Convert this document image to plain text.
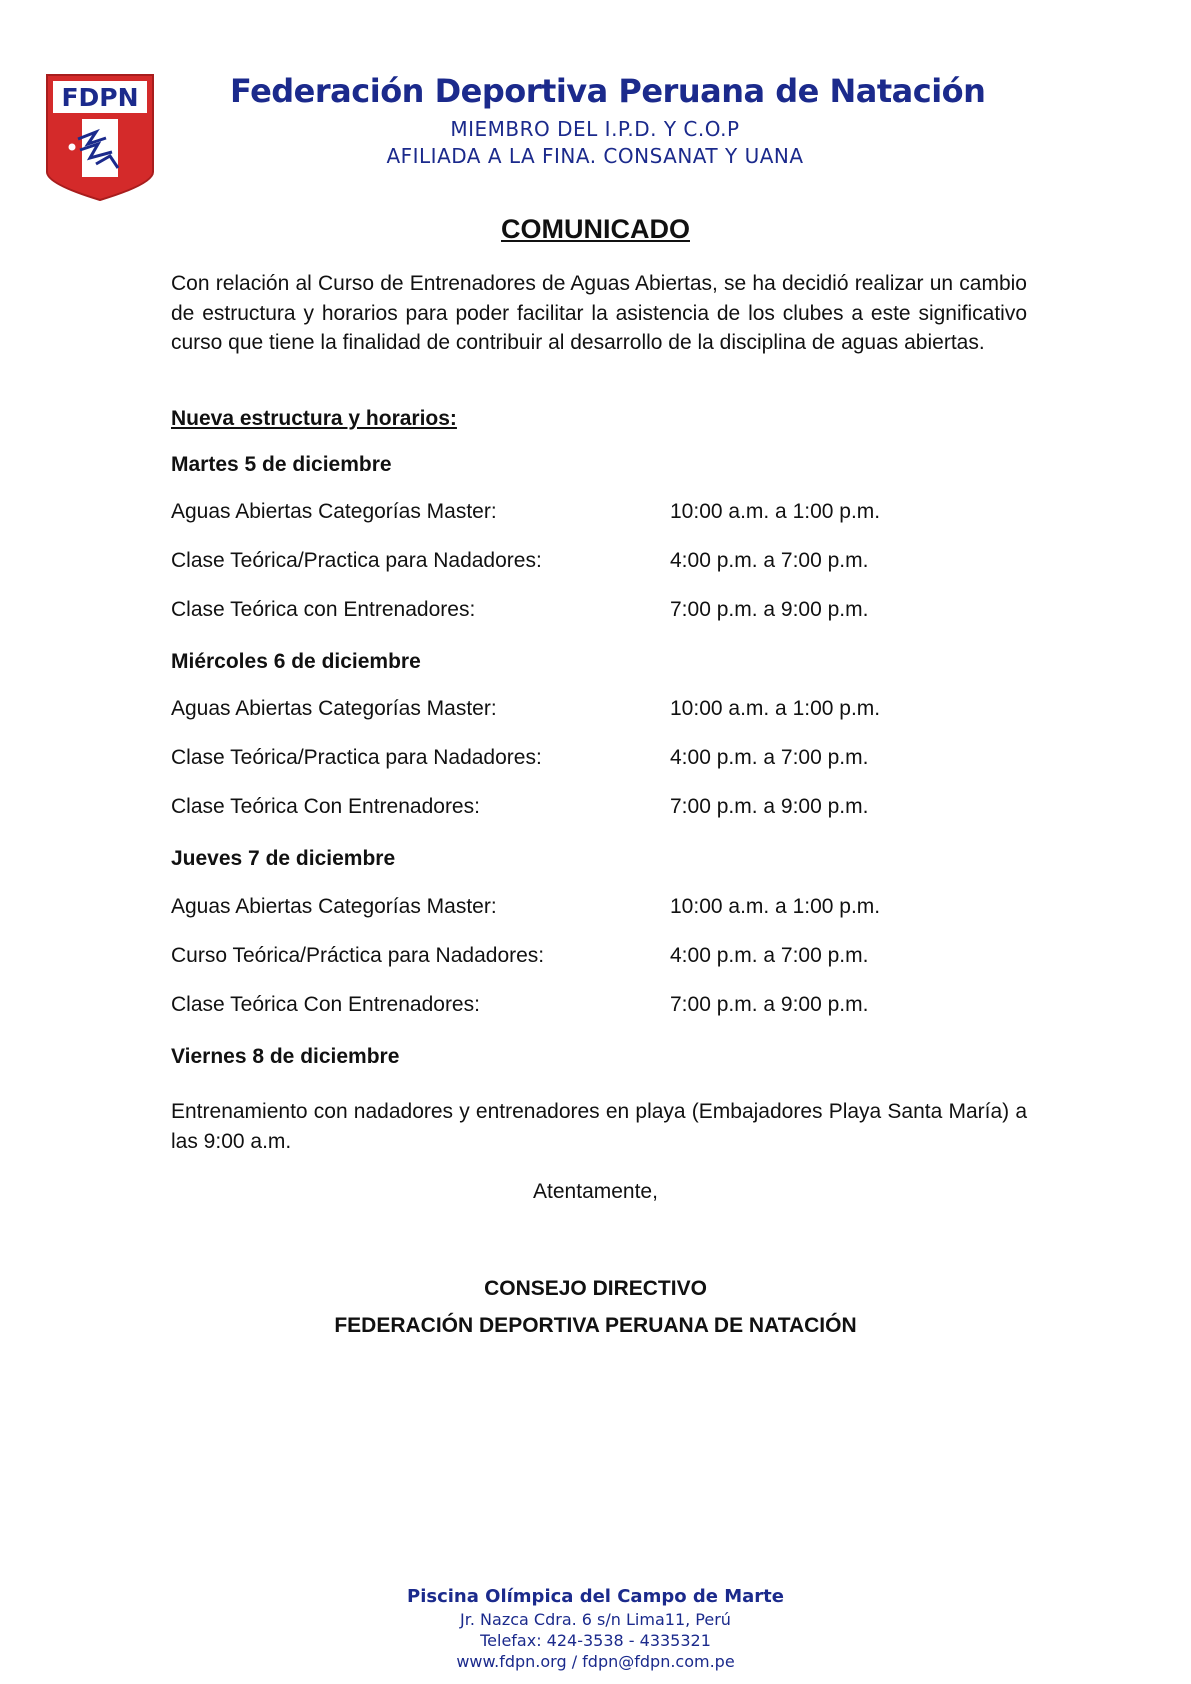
FDPN	Federación Deportiva Peruana de Natación
MIEMBRO DEL I.P.D. Y C.O.P
AFILIADA A LA FINA. CONSANAT Y UANA
COMUNICADO

Con relación al Curso de Entrenadores de Aguas Abiertas, se ha decidió realizar un cambio de estructura y horarios para poder facilitar la asistencia de los clubes a este significativo curso que tiene la finalidad de contribuir al desarrollo de la disciplina de aguas abiertas.

Nueva estructura y horarios:
Martes 5 de diciembre
Aguas Abiertas Categorías Master:	10:00 a.m. a 1:00 p.m.
Clase Teórica/Practica para Nadadores:	4:00 p.m. a 7:00 p.m.
Clase Teórica con Entrenadores:	7:00 p.m. a 9:00 p.m.
Miércoles 6 de diciembre
Aguas Abiertas Categorías Master:	10:00 a.m. a 1:00 p.m.
Clase Teórica/Practica para Nadadores:	4:00 p.m. a 7:00 p.m.
Clase Teórica Con Entrenadores:	7:00 p.m. a 9:00 p.m.
Jueves 7 de diciembre
Aguas Abiertas Categorías Master:	10:00 a.m. a 1:00 p.m.
Curso Teórica/Práctica para Nadadores:	4:00 p.m. a 7:00 p.m.
Clase Teórica Con Entrenadores:	7:00 p.m. a 9:00 p.m.
Viernes 8 de diciembre

Entrenamiento con nadadores y entrenadores en playa (Embajadores Playa Santa María) a las 9:00 a.m.

Atentamente,
CONSEJO DIRECTIVO
FEDERACIÓN DEPORTIVA PERUANA DE NATACIÓN
Piscina Olímpica del Campo de Marte
Jr. Nazca Cdra. 6 s/n Lima11, Perú
Telefax: 424-3538 - 4335321
www.fdpn.org / fdpn@fdpn.com.pe
